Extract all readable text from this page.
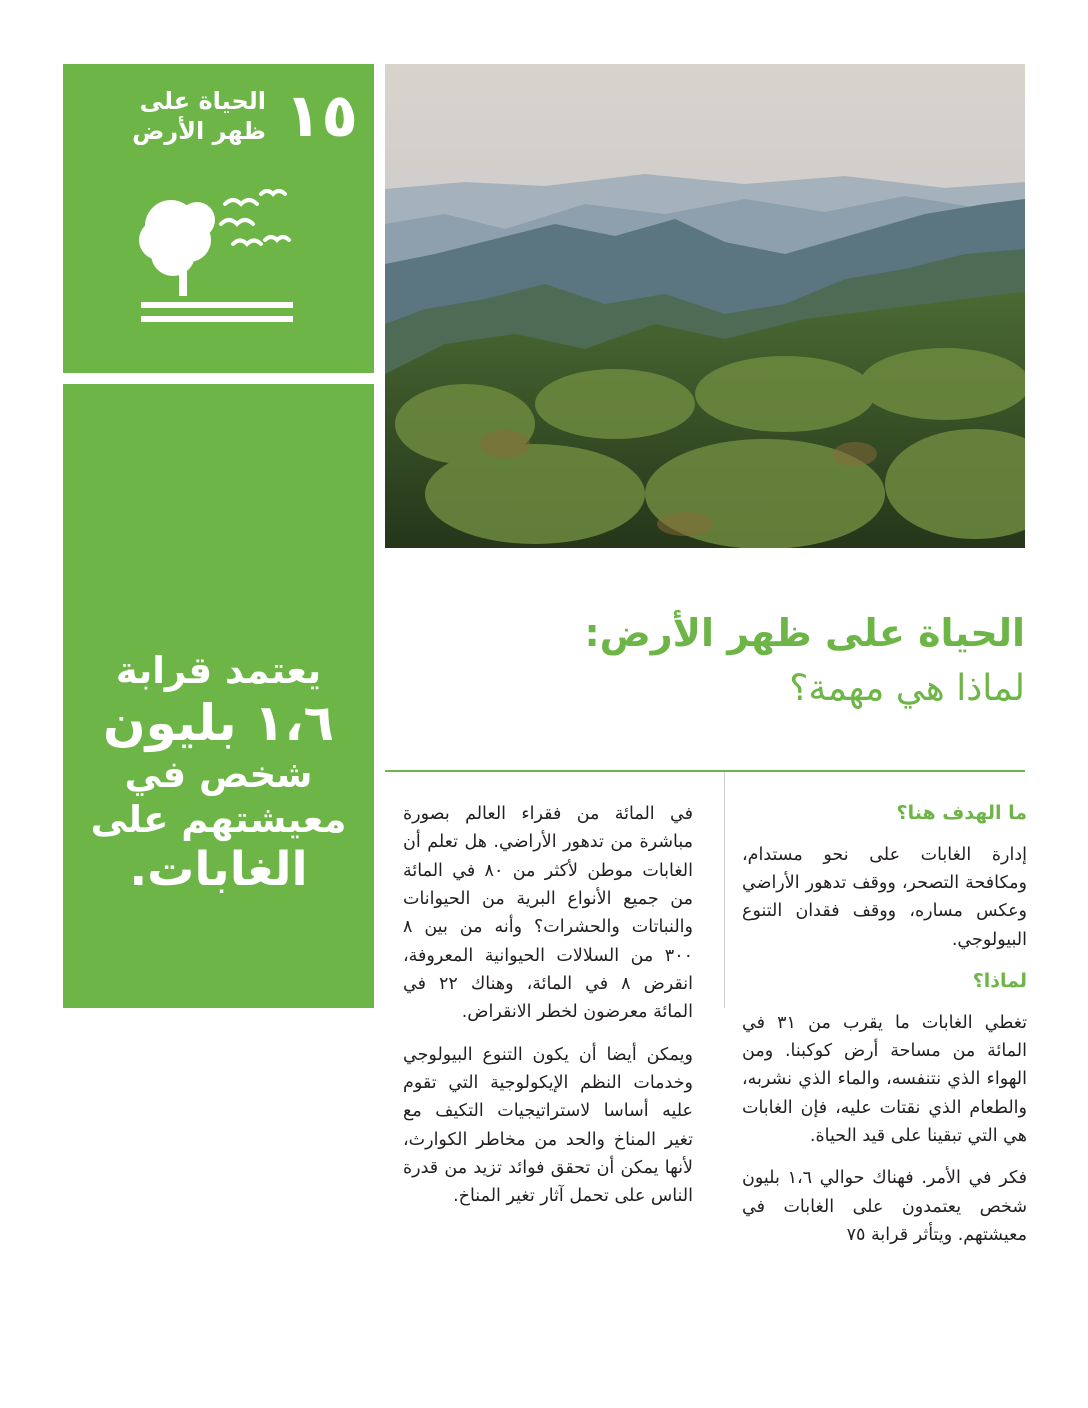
١٥
الحياة على
ظهر الأرض
يعتمد قرابة
١،٦ بليون
شخص في
معيشتهم على
الغابات.
الحياة على ظهر الأرض:
لماذا هي مهمة؟
ما الهدف هنا؟

إدارة الغابات على نحو مستدام، ومكافحة التصحر، ووقف تدهور الأراضي وعكس مساره، ووقف فقدان التنوع البيولوجي.

لماذا؟

تغطي الغابات ما يقرب من ٣١ في المائة من مساحة أرض كوكبنا. ومن الهواء الذي نتنفسه، والماء الذي نشربه، والطعام الذي نقتات عليه، فإن الغابات هي التي تبقينا على قيد الحياة.

فكر في الأمر. فهناك حوالي ١،٦ بليون شخص يعتمدون على الغابات في معيشتهم. ويتأثر قرابة ٧٥

في المائة من فقراء العالم بصورة مباشرة من تدهور الأراضي. هل تعلم أن الغابات موطن لأكثر من ٨٠ في المائة من جميع الأنواع البرية من الحيوانات والنباتات والحشرات؟ وأنه من بين ٨ ٣٠٠ من السلالات الحيوانية المعروفة، انقرض ٨ في المائة، وهناك ٢٢ في المائة معرضون لخطر الانقراض.

ويمكن أيضا أن يكون التنوع البيولوجي وخدمات النظم الإيكولوجية التي تقوم عليه أساسا لاستراتيجيات التكيف مع تغير المناخ والحد من مخاطر الكوارث، لأنها يمكن أن تحقق فوائد تزيد من قدرة الناس على تحمل آثار تغير المناخ.
